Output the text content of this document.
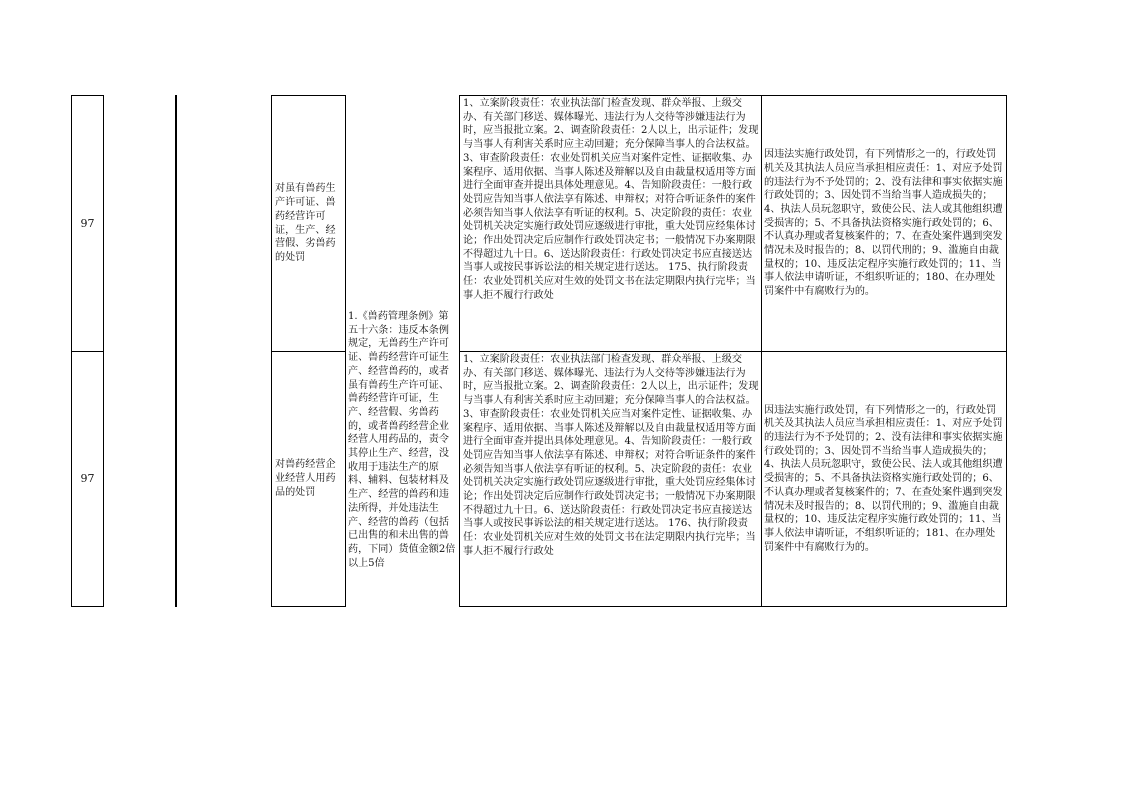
97
对虽有兽药生产许可证、兽药经营许可证，生产、经营假、劣兽药的处罚
1、立案阶段责任：农业执法部门检查发现、群众举报、上级交办、有关部门移送、媒体曝光、违法行为人交待等涉嫌违法行为时，应当报批立案。2、调查阶段责任：2人以上，出示证件；发现与当事人有利害关系时应主动回避；充分保障当事人的合法权益。3、审查阶段责任：农业处罚机关应当对案件定性、证据收集、办案程序、适用依据、当事人陈述及辩解以及自由裁量权适用等方面进行全面审查并提出具体处理意见。4、告知阶段责任：一般行政处罚应告知当事人依法享有陈述、申辩权；对符合听证条件的案件必须告知当事人依法享有听证的权利。5、决定阶段的责任：农业处罚机关决定实施行政处罚应逐级进行审批，重大处罚应经集体讨论；作出处罚决定后应制作行政处罚决定书；一般情况下办案期限不得超过九十日。6、送达阶段责任：行政处罚决定书应直接送达当事人或按民事诉讼法的相关规定进行送达。 175、执行阶段责任：农业处罚机关应对生效的处罚文书在法定期限内执行完毕；当事人拒不履行行政处
因违法实施行政处罚，有下列情形之一的，行政处罚机关及其执法人员应当承担相应责任：1、对应予处罚的违法行为不予处罚的；2、没有法律和事实依据实施行政处罚的；3、因处罚不当给当事人造成损失的； 4、执法人员玩忽职守，致使公民、法人或其他组织遭受损害的；5、不具备执法资格实施行政处罚的；6、不认真办理或者复核案件的；7、在查处案件遇到突发情况未及时报告的；8、以罚代刑的；9、滥施自由裁量权的；10、违反法定程序实施行政处罚的；11、当事人依法申请听证，不组织听证的；180、在办理处罚案件中有腐败行为的。
1.《兽药管理条例》第五十六条：违反本条例规定，无兽药生产许可证、兽药经营许可证生产、经营兽药的，或者虽有兽药生产许可证、兽药经营许可证，生产、经营假、劣兽药的，或者兽药经营企业经营人用药品的，责令其停止生产、经营，没收用于违法生产的原料、辅料、包装材料及生产、经营的兽药和违法所得，并处违法生产、经营的兽药（包括已出售的和未出售的兽药，下同）货值金额2倍以上5倍
97
对兽药经营企业经营人用药品的处罚
1、立案阶段责任：农业执法部门检查发现、群众举报、上级交办、有关部门移送、媒体曝光、违法行为人交待等涉嫌违法行为时，应当报批立案。2、调查阶段责任：2人以上，出示证件；发现与当事人有利害关系时应主动回避；充分保障当事人的合法权益。3、审查阶段责任：农业处罚机关应当对案件定性、证据收集、办案程序、适用依据、当事人陈述及辩解以及自由裁量权适用等方面进行全面审查并提出具体处理意见。4、告知阶段责任：一般行政处罚应告知当事人依法享有陈述、申辩权；对符合听证条件的案件必须告知当事人依法享有听证的权利。5、决定阶段的责任：农业处罚机关决定实施行政处罚应逐级进行审批，重大处罚应经集体讨论；作出处罚决定后应制作行政处罚决定书；一般情况下办案期限不得超过九十日。6、送达阶段责任：行政处罚决定书应直接送达当事人或按民事诉讼法的相关规定进行送达。 176、执行阶段责任：农业处罚机关应对生效的处罚文书在法定期限内执行完毕；当事人拒不履行行政处
因违法实施行政处罚，有下列情形之一的，行政处罚机关及其执法人员应当承担相应责任：1、对应予处罚的违法行为不予处罚的；2、没有法律和事实依据实施行政处罚的；3、因处罚不当给当事人造成损失的； 4、执法人员玩忽职守，致使公民、法人或其他组织遭受损害的；5、不具备执法资格实施行政处罚的；6、不认真办理或者复核案件的；7、在查处案件遇到突发情况未及时报告的；8、以罚代刑的；9、滥施自由裁量权的；10、违反法定程序实施行政处罚的；11、当事人依法申请听证，不组织听证的；181、在办理处罚案件中有腐败行为的。
